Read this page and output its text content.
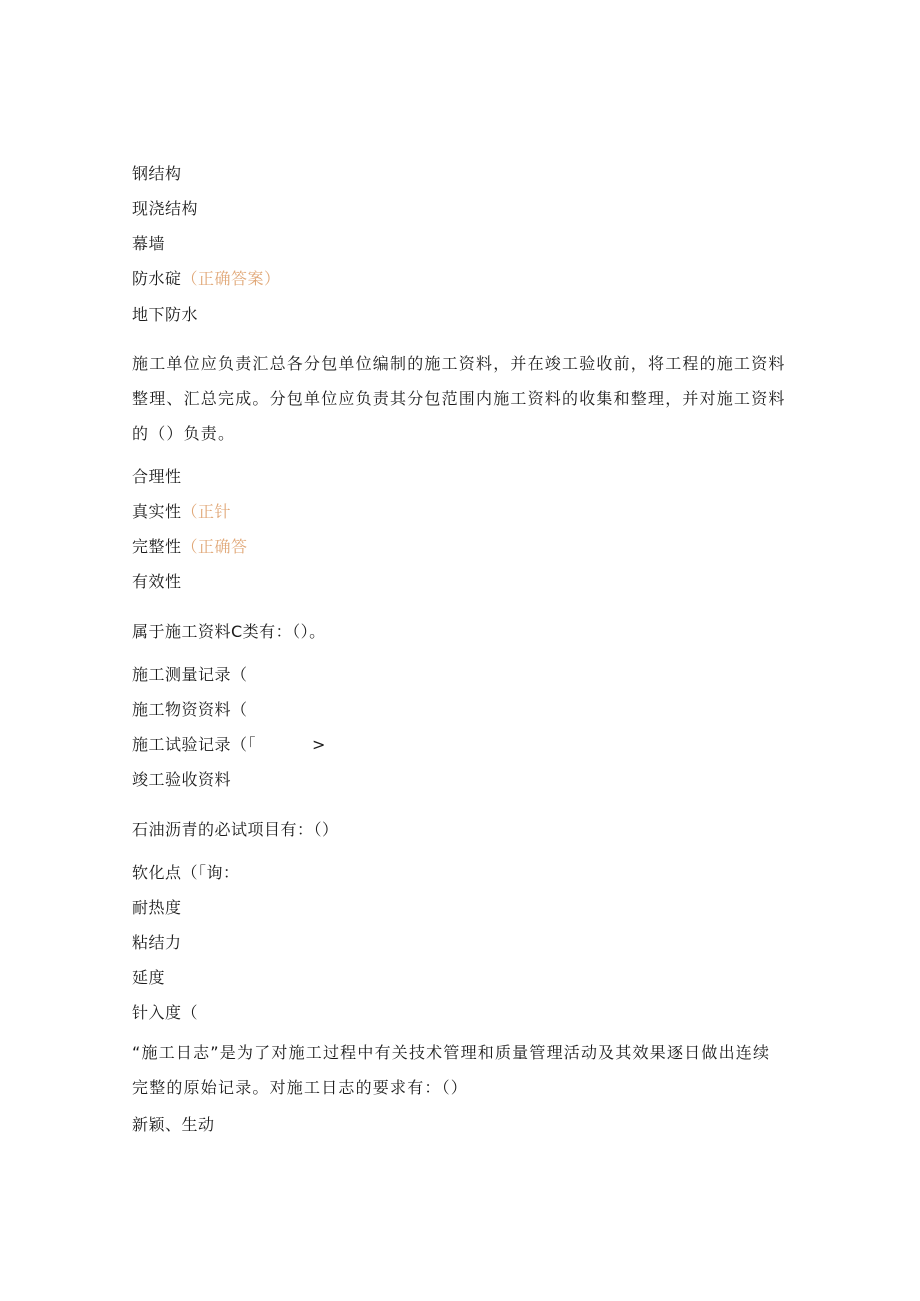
钢结构
现浇结构
幕墙
防水碇（正确答案）
地下防水
施工单位应负责汇总各分包单位编制的施工资料，并在竣工验收前，将工程的施工资料
整理、汇总完成。分包单位应负责其分包范围内施工资料的收集和整理，并对施工资料
的（）负责。
合理性
真实性（正针
完整性（正确答
有效性
属于施工资料C类有：（）。
施工测量记录（
施工物资资料（
施工试验记录（「	>
竣工验收资料
石油沥青的必试项目有：（）
软化点（「询：
耐热度
粘结力
延度
针入度（
“施工日志”是为了对施工过程中有关技术管理和质量管理活动及其效果逐日做出连续
完整的原始记录。对施工日志的要求有：（）
新颖、生动
